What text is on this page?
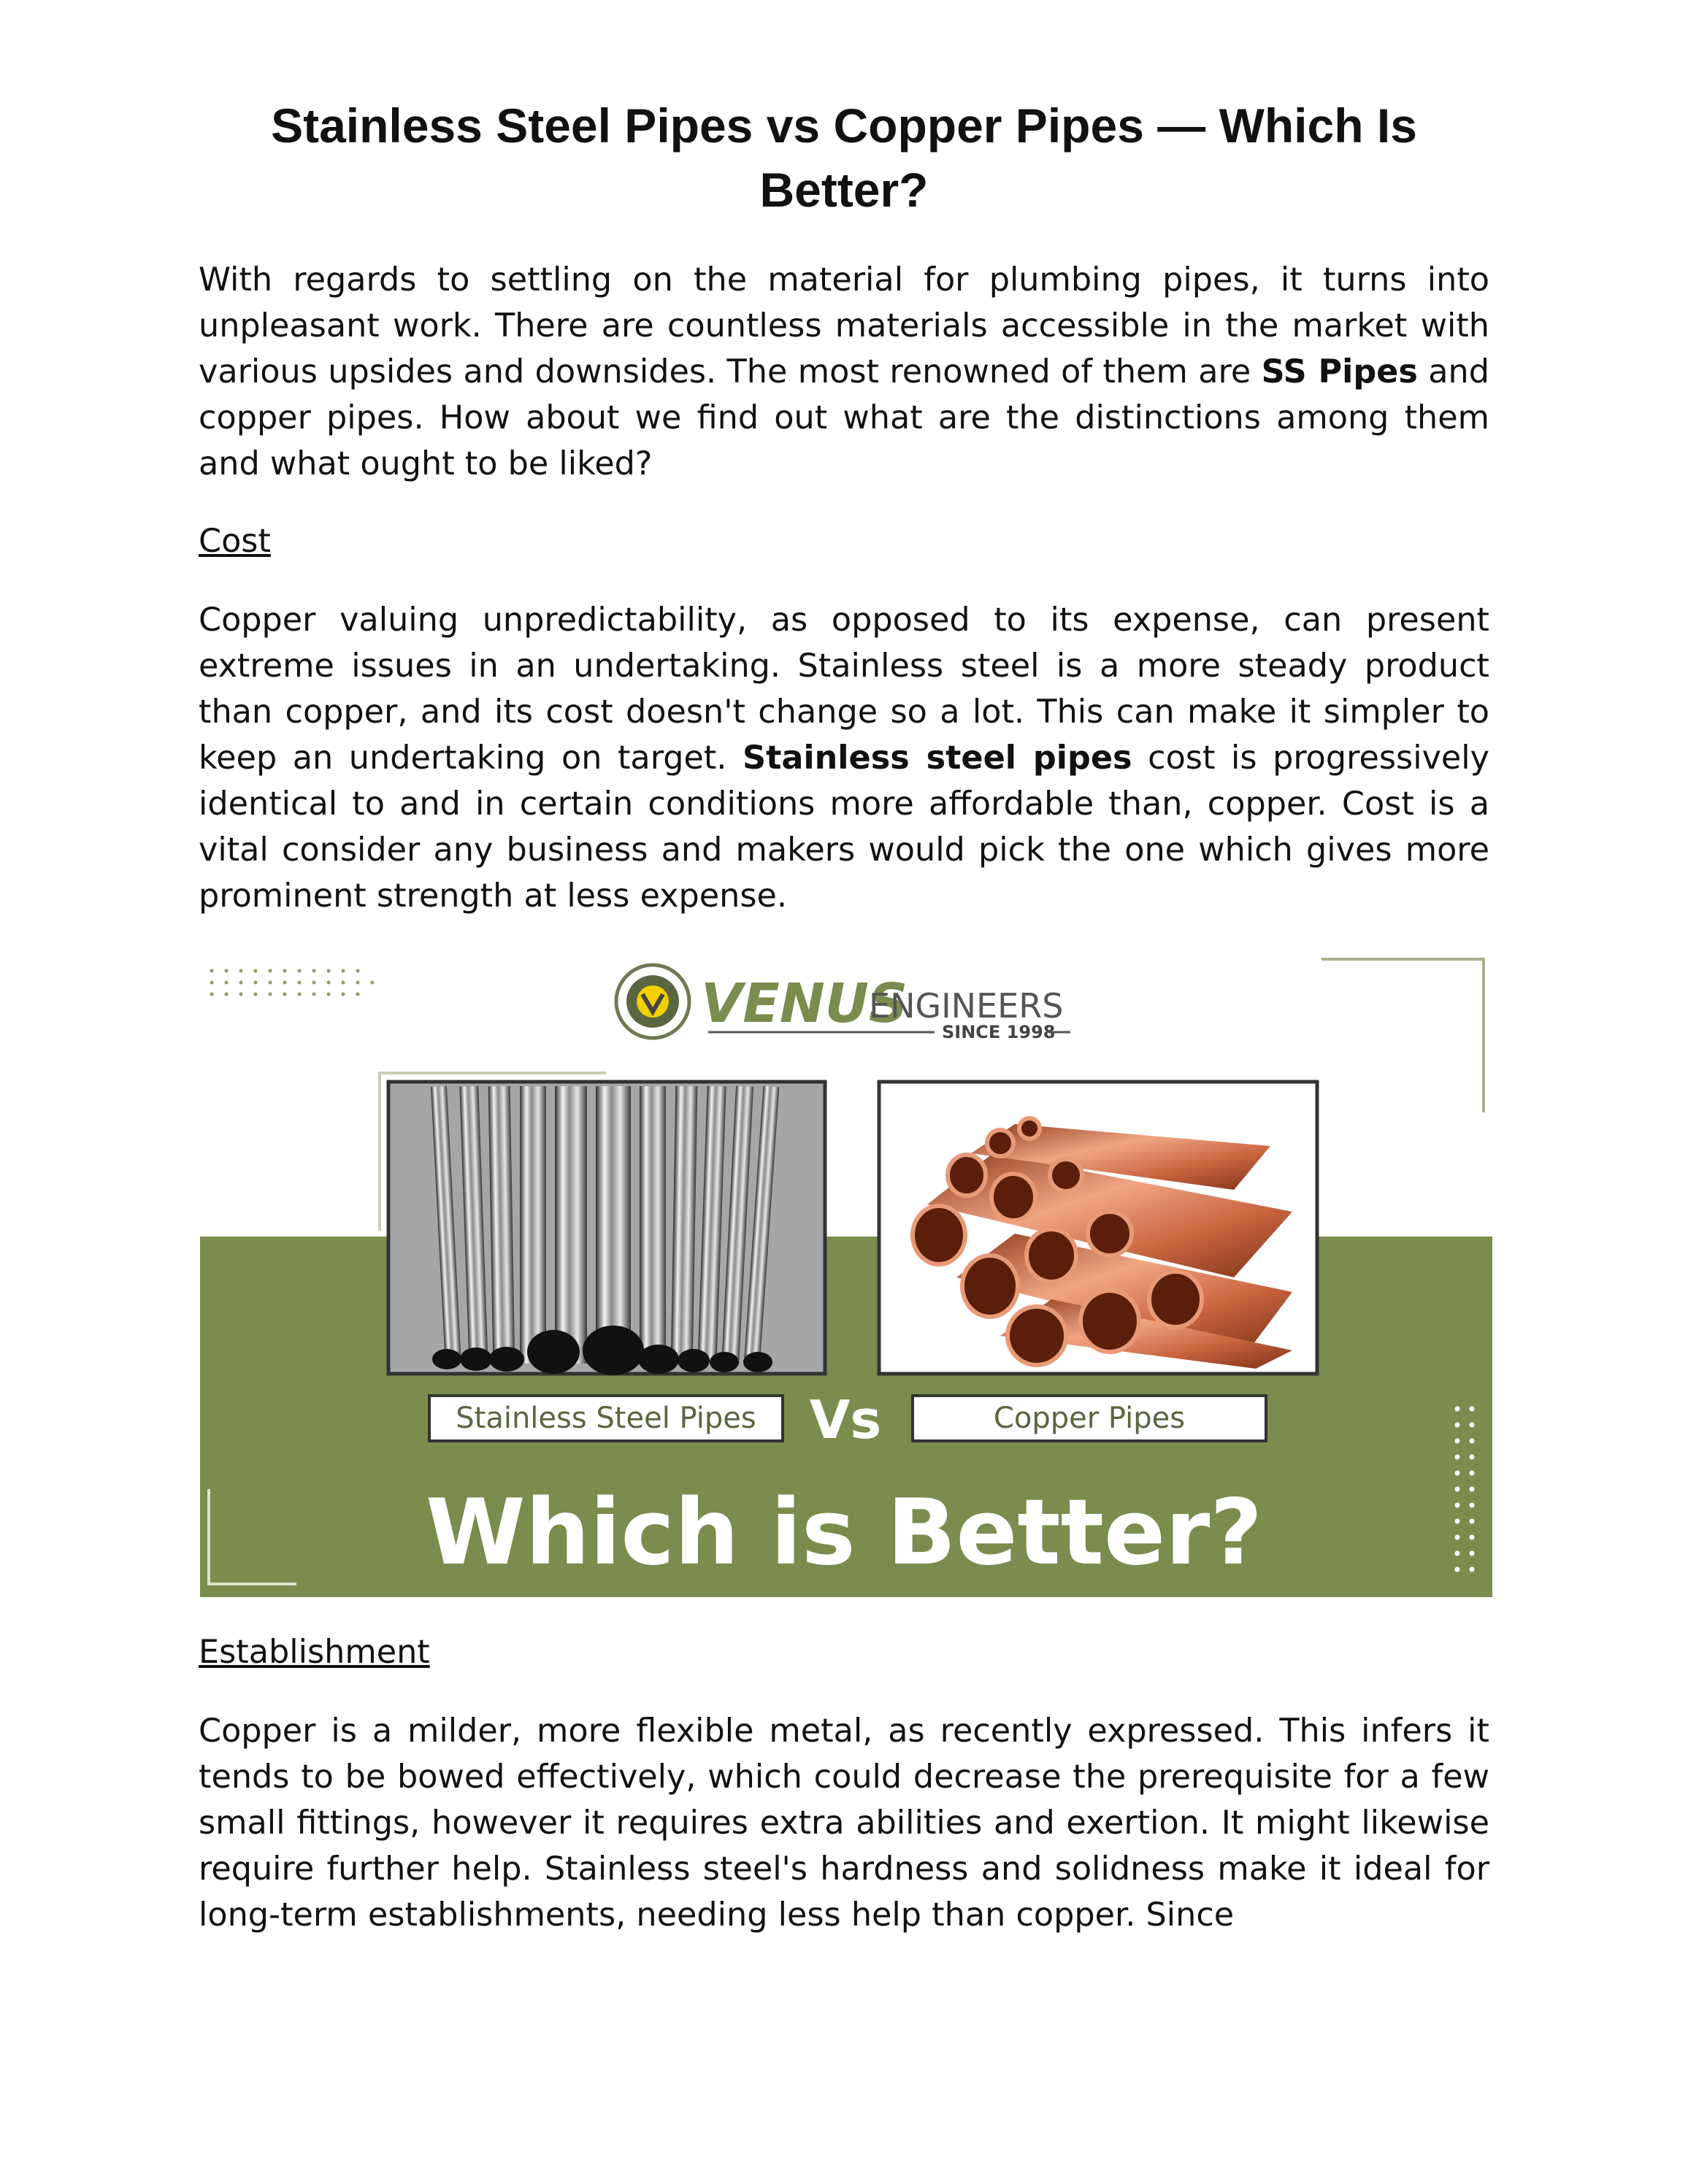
Stainless Steel Pipes vs Copper Pipes — Which Is Better?

With regards to settling on the material for plumbing pipes, it turns into unpleasant work. There are countless materials accessible in the market with various upsides and downsides. The most renowned of them are SS Pipes and copper pipes. How about we find out what are the distinctions among them and what ought to be liked?

Cost

Copper valuing unpredictability, as opposed to its expense, can present extreme issues in an undertaking. Stainless steel is a more steady product than copper, and its cost doesn't change so a lot. This can make it simpler to keep an undertaking on target. Stainless steel pipes cost is progressively identical to and in certain conditions more affordable than, copper. Cost is a vital consider any business and makers would pick the one which gives more prominent strength at less expense.

VENUS
ENGINEERS
SINCE 1998
Stainless Steel Pipes Vs	Copper Pipes
Which is Better?

Establishment

Copper is a milder, more flexible metal, as recently expressed. This infers it tends to be bowed effectively, which could decrease the prerequisite for a few small fittings, however it requires extra abilities and exertion. It might likewise require further help. Stainless steel's hardness and solidness make it ideal for long-term establishments, needing less help than copper. Since
